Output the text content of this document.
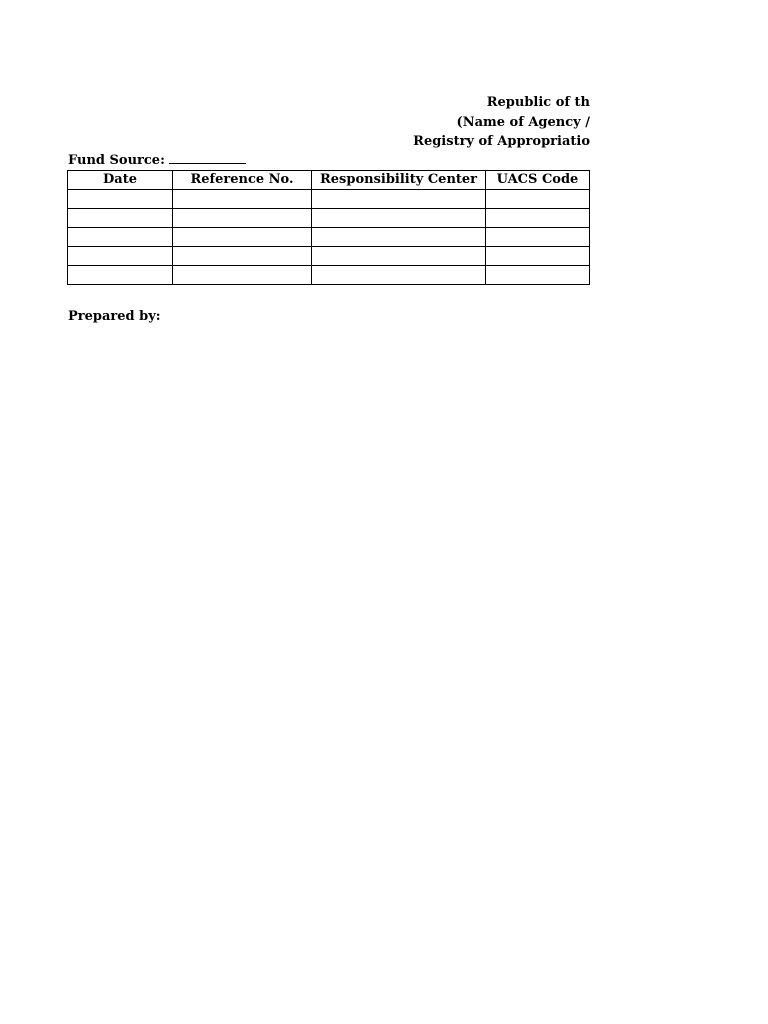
Republic of th
(Name of Agency /
Registry of Appropriatio
Fund Source:
Date	Reference No.	Responsibility Center	UACS Code	

Prepared by:
